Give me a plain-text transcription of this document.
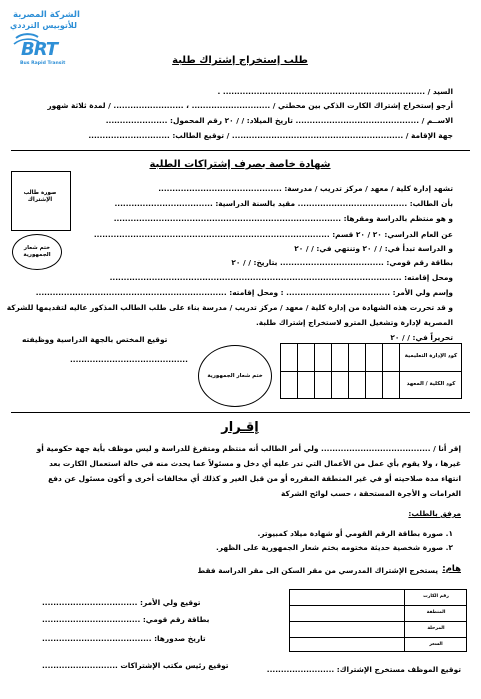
الشركة المصرية
للأتوبيس الترددي
BRT
Bus Rapid Transit	طلب إستخراج إشتراك طلبة
السيد / ........................................................................ .
أرجو إستخراج إشتراك الكارت الذكي بين محطتي / ............................ ، ......................... / لمدة ثلاثة شهور
الاســم / ............................................ تاريخ الميلاد: / / ٢٠ رقم المحمول: ......................
جهة الإقامة / ............................................................. / توقيع الطالب: .............................
شهادة خاصة بصرف إشتراكات الطلبة
صورة طالب الإشتراك
ختم شعار الجمهورية
تشهد إدارة كلية / معهد / مركز تدريب / مدرسة: ............................................
بأن الطالب: ....................................... مقيد بالسنة الدراسية: ...................................
و هو منتظم بالدراسة ومقرها: .................................................................................
عن العام الدراسي: ٢٠ / ٢٠ قسم: ....................................................................................
و الدراسة تبدأ في: / / ٢٠ وتنتهي في: / / ٢٠
بطاقة رقم قومي: ..................................... بتاريخ: / / ٢٠
ومحل إقامته: ........................................................................................................
وإسم ولي الأمر: ..................................... : ومحل إقامته: ....................................................................
و قد تحررت هذه الشهادة من إدارة كلية / معهد / مركز تدريب / مدرسة بناء على طلب الطالب المذكور عاليه لتقديمها للشركة
المصرية لإدارة وتشغيل المترو لاستخراج إشتراك طلبة.
تحريراً في: / / ٢٠
توقيع المختص بالجهة الدراسية ووظيفته
..........................................
ختم شعار الجمهورية
كود الإدارة التعليمية
كود الكلية / المعهد
إقـرار
إقر أنا / ....................................... ولي أمر الطالب أنه منتظم ومتفرغ للدراسة و ليس موظف بأية جهة حكومية أو
غيرها ، ولا يقوم بأي عمل من الأعمال التي تدر عليه أي دخل و مسئولاً عما يحدث منه في حالة استعمال الكارت بعد
انتهاء مدة صلاحيته أو في غير المنطقة المقرره أو من قبل الغير و كذلك أي مخالفات أخرى و أكون مسئول عن دفع
الغرامات و الأجرة المستحقة ، حسب لوائح الشركة
مرفق بالطلب:
١. صورة بطاقة الرقم القومي أو شهادة ميلاد كمبيوتر.
٢. صورة شخصية حديثة مختومه بختم شعار الجمهورية على الظهر.
هام:
يستخرج الإشتراك المدرسي من مقر السكن الى مقر الدراسة فقط
توقيع ولي الأمر: ..................................
بطاقة رقم قومي: ...................................
تاريخ صدورها: .......................................
توقيع رئيس مكتب الإشتراكات ...........................
رقم الكارت
المنطقة
المرحلة
السعر
توقيع الموظف مستخرج الإشتراك: ........................
